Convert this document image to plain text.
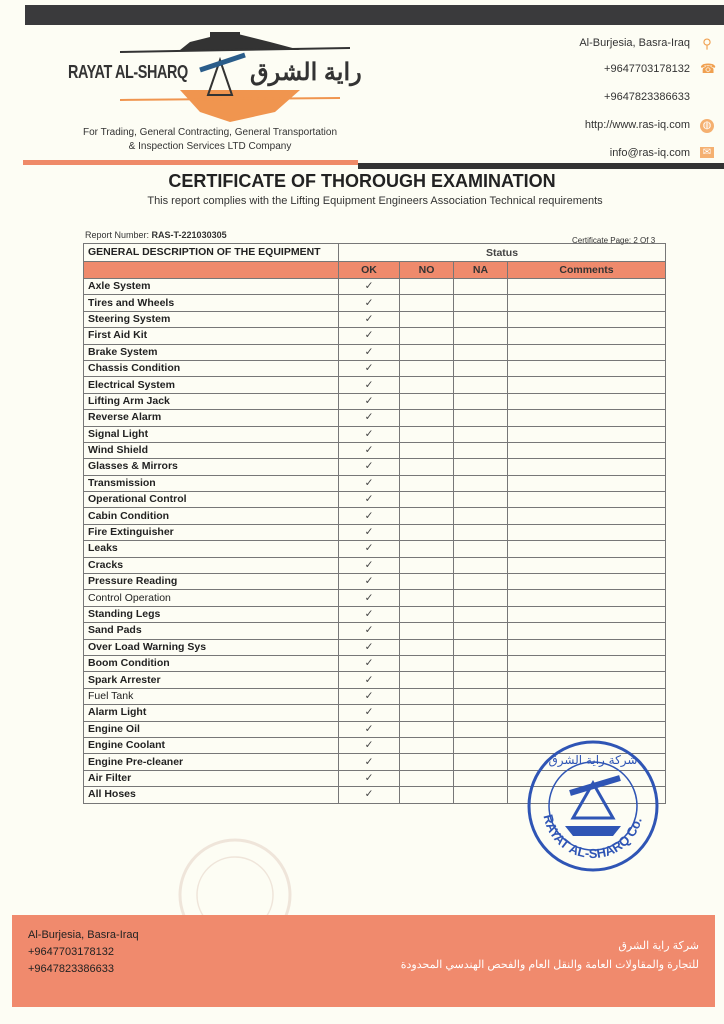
RAYAT AL-SHARQ	راية الشرق
For Trading, General Contracting, General Transportation
& Inspection Services LTD Company
Al-Burjesia, Basra-Iraq ⚲
+9647703178132 ☎
+9647823386633
http://www.ras-iq.com ◍
info@ras-iq.com ✉
CERTIFICATE OF THOROUGH EXAMINATION
This report complies with the Lifting Equipment Engineers Association Technical requirements
Report Number: RAS-T-221030305
Certificate Page: 2 Of 3
GENERAL DESCRIPTION OF THE EQUIPMENT	Status			
	OK	NO	NA	Comments
Axle System	✓			
Tires and Wheels	✓			
Steering System	✓			
First Aid Kit	✓			
Brake System	✓			
Chassis Condition	✓			
Electrical System	✓			
Lifting Arm Jack	✓			
Reverse Alarm	✓			
Signal Light	✓			
Wind Shield	✓			
Glasses & Mirrors	✓			
Transmission	✓			
Operational Control	✓			
Cabin Condition	✓			
Fire Extinguisher	✓			
Leaks	✓			
Cracks	✓			
Pressure Reading	✓			
Control Operation	✓			
Standing Legs	✓			
Sand Pads	✓			
Over Load Warning Sys	✓			
Boom Condition	✓			
Spark Arrester	✓			
Fuel Tank	✓			
Alarm Light	✓			
Engine Oil	✓			
Engine Coolant	✓			
Engine Pre-cleaner	✓			
Air Filter	✓			
All Hoses	✓			
RAYAT AL-SHARQ Co.
شركة راية الشرق
Al-Burjesia, Basra-Iraq
+9647703178132
+9647823386633
شركة راية الشرق
للتجارة والمقاولات العامة والنقل العام والفحص الهندسي المحدودة
